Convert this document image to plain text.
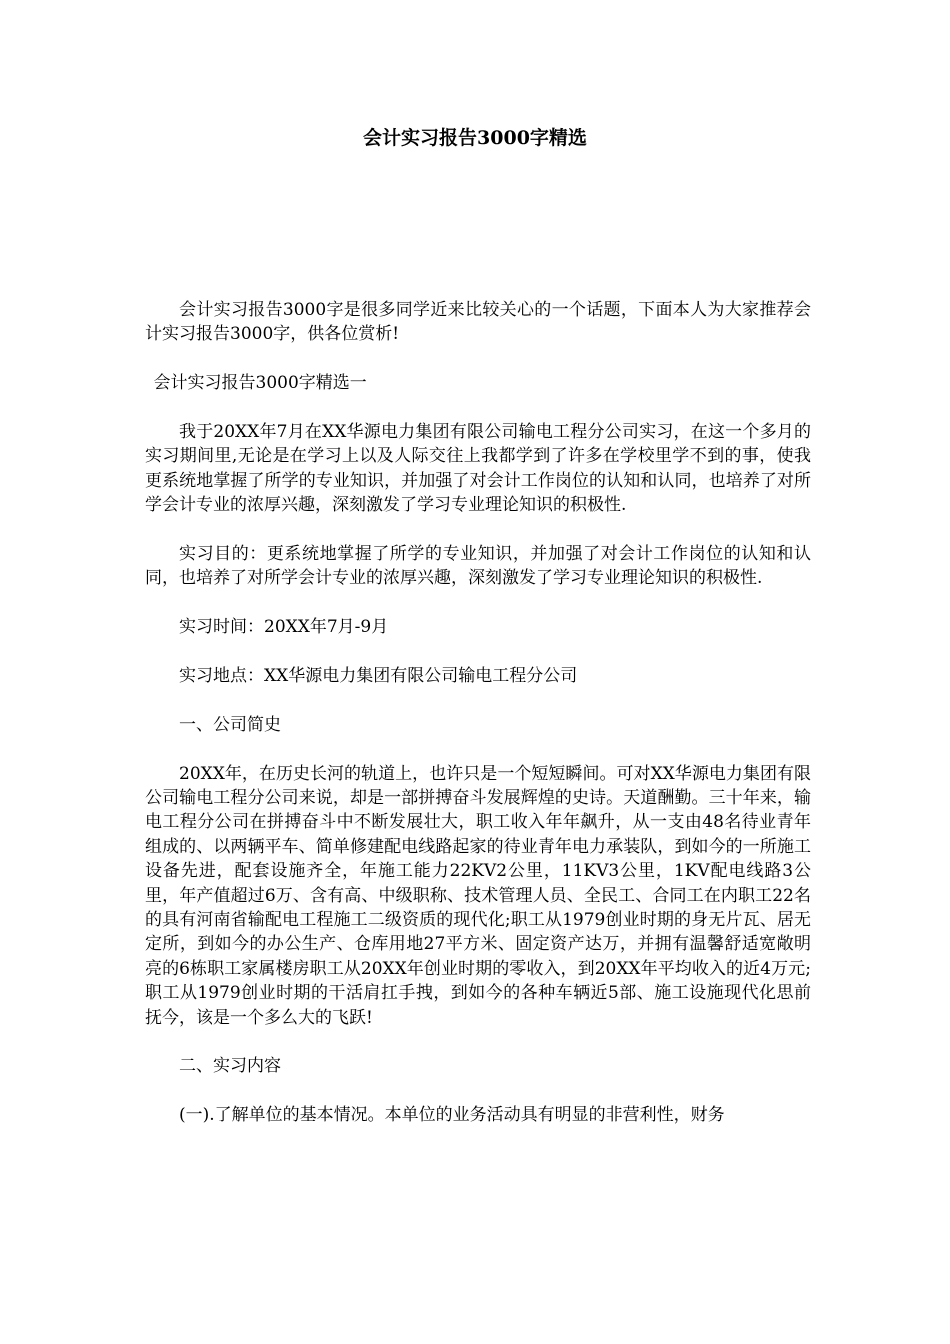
会计实习报告3000字精选

会计实习报告3000字是很多同学近来比较关心的一个话题，下面本人为大家推荐会计实习报告3000字，供各位赏析!

会计实习报告3000字精选一

我于20XX年7月在XX华源电力集团有限公司输电工程分公司实习，在这一个多月的实习期间里,无论是在学习上以及人际交往上我都学到了许多在学校里学不到的事，使我更系统地掌握了所学的专业知识，并加强了对会计工作岗位的认知和认同，也培养了对所学会计专业的浓厚兴趣，深刻激发了学习专业理论知识的积极性.

实习目的：更系统地掌握了所学的专业知识，并加强了对会计工作岗位的认知和认同，也培养了对所学会计专业的浓厚兴趣，深刻激发了学习专业理论知识的积极性.

实习时间：20XX年7月-9月

实习地点：XX华源电力集团有限公司输电工程分公司

一、公司简史

20XX年，在历史长河的轨道上，也许只是一个短短瞬间。可对XX华源电力集团有限公司输电工程分公司来说，却是一部拼搏奋斗发展辉煌的史诗。天道酬勤。三十年来，输电工程分公司在拼搏奋斗中不断发展壮大，职工收入年年飙升，从一支由48名待业青年组成的、以两辆平车、简单修建配电线路起家的待业青年电力承装队，到如今的一所施工设备先进，配套设施齐全，年施工能力22KV2公里，11KV3公里，1KV配电线路3公里，年产值超过6万、含有高、中级职称、技术管理人员、全民工、合同工在内职工22名的具有河南省输配电工程施工二级资质的现代化;职工从1979创业时期的身无片瓦、居无定所，到如今的办公生产、仓库用地27平方米、固定资产达万，并拥有温馨舒适宽敞明亮的6栋职工家属楼房职工从20XX年创业时期的零收入，到20XX年平均收入的近4万元;职工从1979创业时期的干活肩扛手拽，到如今的各种车辆近5部、施工设施现代化思前抚今，该是一个多么大的飞跃!

二、实习内容

(一).了解单位的基本情况。本单位的业务活动具有明显的非营利性，财务
